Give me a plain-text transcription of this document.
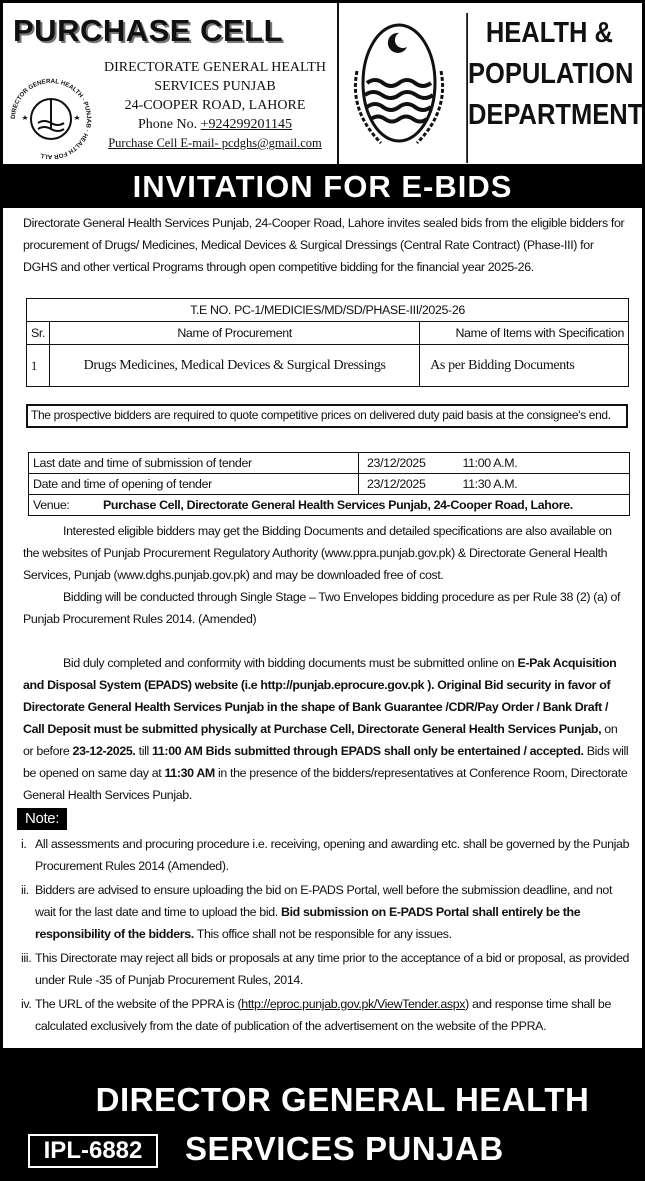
PURCHASE CELL
DIRECTOR GENERAL HEALTH · PUNJAB · HEALTH FOR ALL
DIRECTORATE GENERAL HEALTH
SERVICES PUNJAB
24-COOPER ROAD, LAHORE
Phone No. +924299201145
Purchase Cell E-mail- pcdghs@gmail.com
HEALTH &
POPULATION
DEPARTMENT
INVITATION FOR E-BIDS
Directorate General Health Services Punjab, 24-Cooper Road, Lahore invites sealed bids from the eligible bidders for procurement of Drugs/ Medicines, Medical Devices & Surgical Dressings (Central Rate Contract) (Phase-III) for DGHS and other vertical Programs through open competitive bidding for the financial year 2025-26.
T.E NO. PC-1/MEDICIES/MD/SD/PHASE-III/2025-26		
Sr.	Name of Procurement	Name of Items with Specification
1	Drugs Medicines, Medical Devices & Surgical Dressings	As per Bidding Documents
The prospective bidders are required to quote competitive prices on delivered duty paid basis at the consignee's end.
Last date and time of submission of tender	23/12/2025	11:00 A.M.
Date and time of opening of tender	23/12/2025	11:30 A.M.
Venue: Purchase Cell, Directorate General Health Services Punjab, 24-Cooper Road, Lahore.		
Interested eligible bidders may get the Bidding Documents and detailed specifications are also available on the websites of Punjab Procurement Regulatory Authority (www.ppra.punjab.gov.pk) & Directorate General Health Services, Punjab (www.dghs.punjab.gov.pk) and may be downloaded free of cost.
Bidding will be conducted through Single Stage – Two Envelopes bidding procedure as per Rule 38 (2) (a) of Punjab Procurement Rules 2014. (Amended)
Bid duly completed and conformity with bidding documents must be submitted online on E-Pak Acquisition and Disposal System (EPADS) website (i.e http://punjab.eprocure.gov.pk ). Original Bid security in favor of Directorate General Health Services Punjab in the shape of Bank Guarantee /CDR/Pay Order / Bank Draft / Call Deposit must be submitted physically at Purchase Cell, Directorate General Health Services Punjab, on or before 23-12-2025. till 11:00 AM Bids submitted through EPADS shall only be entertained / accepted. Bids will be opened on same day at 11:30 AM in the presence of the bidders/representatives at Conference Room, Directorate General Health Services Punjab.
Note:
i. All assessments and procuring procedure i.e. receiving, opening and awarding etc. shall be governed by the Punjab Procurement Rules 2014 (Amended).
ii. Bidders are advised to ensure uploading the bid on E-PADS Portal, well before the submission deadline, and not wait for the last date and time to upload the bid. Bid submission on E-PADS Portal shall entirely be the responsibility of the bidders. This office shall not be responsible for any issues.
iii. This Directorate may reject all bids or proposals at any time prior to the acceptance of a bid or proposal, as provided under Rule -35 of Punjab Procurement Rules, 2014.
iv. The URL of the website of the PPRA is (http://eproc.punjab.gov.pk/ViewTender.aspx) and response time shall be calculated exclusively from the date of publication of the advertisement on the website of the PPRA.
DIRECTOR GENERAL HEALTH
IPL-6882	SERVICES PUNJAB
